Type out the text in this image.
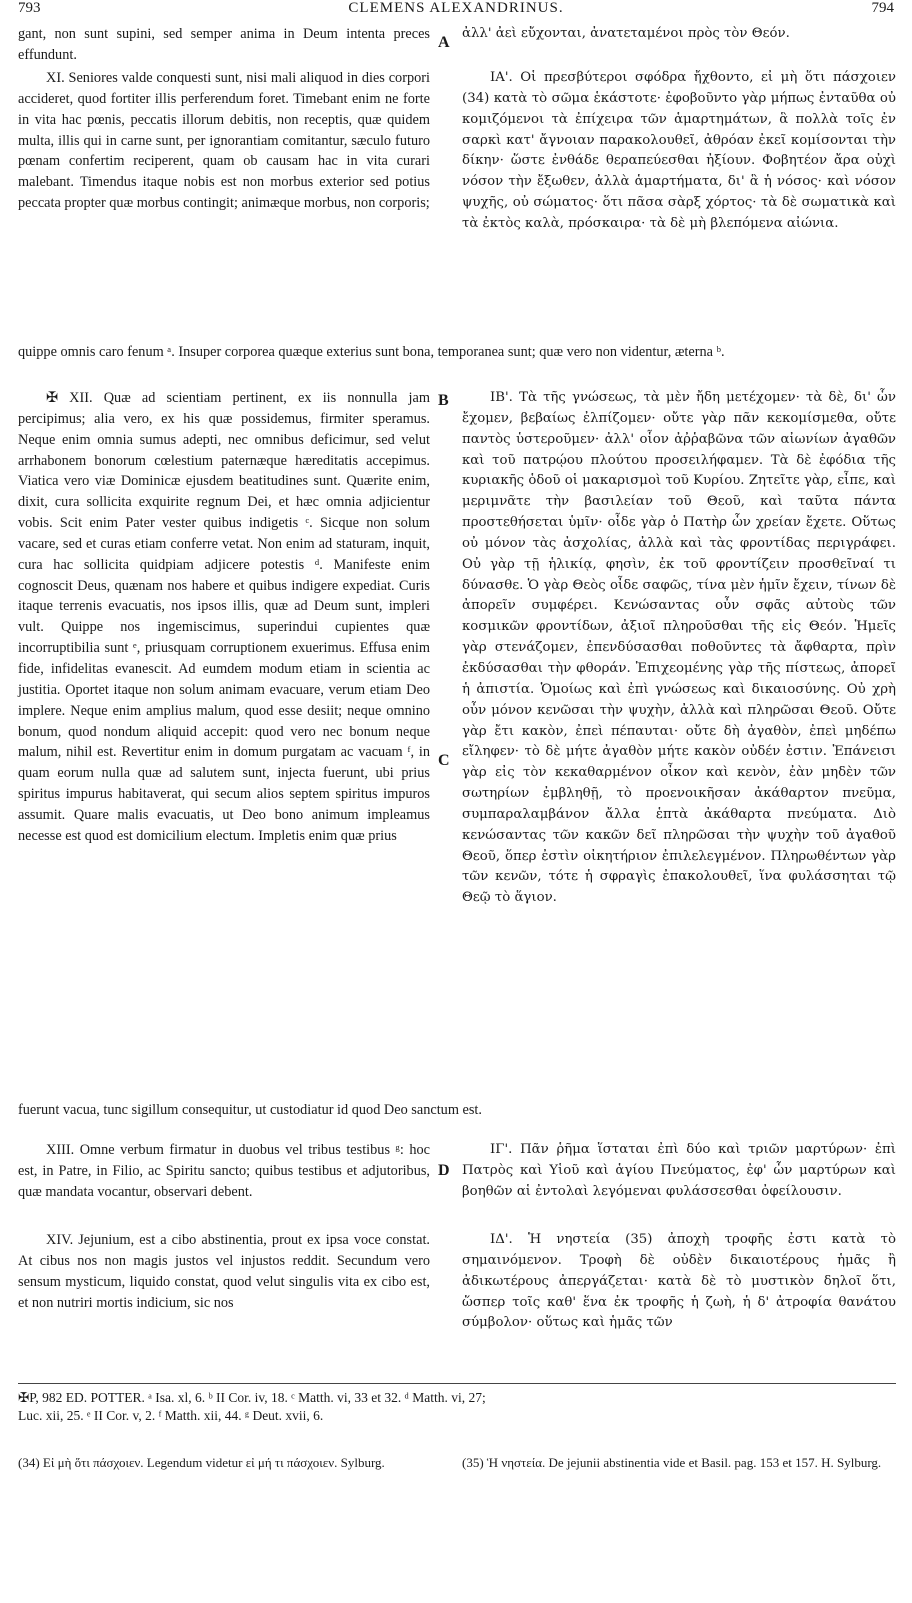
793	CLEMENS ALEXANDRINUS.	794

gant, non sunt supini, sed semper anima in Deum intenta preces effundunt.

ἀλλ' ἀεὶ εὔχονται, ἀνατεταμένοι πρὸς τὸν Θεόν.

A

XI. Seniores valde conquesti sunt, nisi mali aliquod in dies corpori accideret, quod fortiter illis perferendum foret. Timebant enim ne forte in vita hac pœnis, peccatis illorum debitis, non receptis, quæ quidem multa, illis qui in carne sunt, per ignorantiam comitantur, sæculo futuro pœnam confertim reciperent, quam ob causam hac in vita curari malebant. Timendus itaque nobis est non morbus exterior sed potius peccata propter quæ morbus contingit; animæque morbus, non corporis;

ΙΑ'. Οἱ πρεσβύτεροι σφόδρα ἤχθοντο, εἰ μὴ ὅτι πάσχοιεν (34) κατὰ τὸ σῶμα ἑκάστοτε· ἐφοβοῦντο γὰρ μήπως ἐνταῦθα οὐ κομιζόμενοι τὰ ἐπίχειρα τῶν ἁμαρτημάτων, ἃ πολλὰ τοῖς ἐν σαρκὶ κατ' ἄγνοιαν παρακολουθεῖ, ἀθρόαν ἐκεῖ κομίσονται τὴν δίκην· ὥστε ἐνθάδε θεραπεύεσθαι ἠξίουν. Φοβητέον ἄρα οὐχὶ νόσον τὴν ἔξωθεν, ἀλλὰ ἁμαρτήματα, δι' ἃ ἡ νόσος· καὶ νόσον ψυχῆς, οὐ σώματος· ὅτι πᾶσα σὰρξ χόρτος· τὰ δὲ σωματικὰ καὶ τὰ ἐκτὸς καλὰ, πρόσκαιρα· τὰ δὲ μὴ βλεπόμενα αἰώνια.

quippe omnis caro fenum ᵃ. Insuper corporea quæque exterius sunt bona, temporanea sunt; quæ vero non videntur, æterna ᵇ.

B

✠ XII. Quæ ad scientiam pertinent, ex iis nonnulla jam percipimus; alia vero, ex his quæ possidemus, firmiter speramus. Neque enim omnia sumus adepti, nec omnibus deficimur, sed velut arrhabonem bonorum cœlestium paternæque hæreditatis accepimus. Viatica vero viæ Dominicæ ejusdem beatitudines sunt. Quærite enim, dixit, cura sollicita exquirite regnum Dei, et hæc omnia adjicientur vobis. Scit enim Pater vester quibus indigetis ᶜ. Sicque non solum vacare, sed et curas etiam conferre vetat. Non enim ad staturam, inquit, cura hac sollicita quidpiam adjicere potestis ᵈ. Manifeste enim cognoscit Deus, quænam nos habere et quibus indigere expediat. Curis itaque terrenis evacuatis, nos ipsos illis, quæ ad Deum sunt, impleri vult. Quippe nos ingemiscimus, superindui cupientes quæ incorruptibilia sunt ᵉ, priusquam corruptionem exuerimus. Effusa enim fide, infidelitas evanescit. Ad eumdem modum etiam in scientia ac justitia. Oportet itaque non solum animam evacuare, verum etiam Deo implere. Neque enim amplius malum, quod esse desiit; neque omnino bonum, quod nondum aliquid accepit: quod vero nec bonum neque malum, nihil est. Revertitur enim in domum purgatam ac vacuam ᶠ, in quam eorum nulla quæ ad salutem sunt, injecta fuerunt, ubi prius spiritus impurus habitaverat, qui secum alios septem spiritus impuros assumit. Quare malis evacuatis, ut Deo bono animum impleamus necesse est quod est domicilium electum. Impletis enim quæ prius

ΙΒ'. Τὰ τῆς γνώσεως, τὰ μὲν ἤδη μετέχομεν· τὰ δὲ, δι' ὧν ἔχομεν, βεβαίως ἐλπίζομεν· οὔτε γὰρ πᾶν κεκομίσμεθα, οὔτε παντὸς ὑστεροῦμεν· ἀλλ' οἷον ἀῤῥαβῶνα τῶν αἰωνίων ἀγαθῶν καὶ τοῦ πατρῴου πλούτου προσειλήφαμεν. Τὰ δὲ ἐφόδια τῆς κυριακῆς ὁδοῦ οἱ μακαρισμοὶ τοῦ Κυρίου. Ζητεῖτε γὰρ, εἶπε, καὶ μεριμνᾶτε τὴν βασιλείαν τοῦ Θεοῦ, καὶ ταῦτα πάντα προστεθήσεται ὑμῖν· οἶδε γὰρ ὁ Πατὴρ ὧν χρείαν ἔχετε. Οὕτως οὐ μόνον τὰς ἀσχολίας, ἀλλὰ καὶ τὰς φροντίδας περιγράφει. Οὐ γὰρ τῇ ἡλικίᾳ, φησὶν, ἐκ τοῦ φροντίζειν προσθεῖναί τι δύνασθε. Ὁ γὰρ Θεὸς οἶδε σαφῶς, τίνα μὲν ἡμῖν ἔχειν, τίνων δὲ ἀπορεῖν συμφέρει. Κενώσαντας οὖν σφᾶς αὐτοὺς τῶν κοσμικῶν φροντίδων, ἀξιοῖ πληροῦσθαι τῆς εἰς Θεόν. Ἡμεῖς γὰρ στενάζομεν, ἐπενδύσασθαι ποθοῦντες τὰ ἄφθαρτα, πρὶν ἐκδύσασθαι τὴν φθοράν. Ἐπιχεομένης γὰρ τῆς πίστεως, ἀπορεῖ ἡ ἀπιστία. Ὁμοίως καὶ ἐπὶ γνώσεως καὶ δικαιοσύνης. Οὐ χρὴ οὖν μόνον κενῶσαι τὴν ψυχὴν, ἀλλὰ καὶ πληρῶσαι Θεοῦ. Οὔτε γὰρ ἔτι κακὸν, ἐπεὶ πέπαυται· οὔτε δὴ ἀγαθὸν, ἐπεὶ μηδέπω εἴληφεν· τὸ δὲ μήτε ἀγαθὸν μήτε κακὸν οὐδέν ἐστιν. Ἐπάνεισι γὰρ εἰς τὸν κεκαθαρμένον οἶκον καὶ κενὸν, ἐὰν μηδὲν τῶν σωτηρίων ἐμβληθῇ, τὸ προενοικῆσαν ἀκάθαρτον πνεῦμα, συμπαραλαμβάνον ἄλλα ἑπτὰ ἀκάθαρτα πνεύματα. Διὸ κενώσαντας τῶν κακῶν δεῖ πληρῶσαι τὴν ψυχὴν τοῦ ἀγαθοῦ Θεοῦ, ὅπερ ἐστὶν οἰκητήριον ἐπιλελεγμένον. Πληρωθέντων γὰρ τῶν κενῶν, τότε ἡ σφραγὶς ἐπακολουθεῖ, ἵνα φυλάσσηται τῷ Θεῷ τὸ ἅγιον.

C

fuerunt vacua, tunc sigillum consequitur, ut custodiatur id quod Deo sanctum est.

XIII. Omne verbum firmatur in duobus vel tribus testibus ᵍ: hoc est, in Patre, in Filio, ac Spiritu sancto; quibus testibus et adjutoribus, quæ mandata vocantur, observari debent.

D

ΙΓ'. Πᾶν ῥῆμα ἵσταται ἐπὶ δύο καὶ τριῶν μαρτύρων· ἐπὶ Πατρὸς καὶ Υἱοῦ καὶ ἁγίου Πνεύματος, ἐφ' ὧν μαρτύρων καὶ βοηθῶν αἱ ἐντολαὶ λεγόμεναι φυλάσσεσθαι ὀφείλουσιν.

XIV. Jejunium, est a cibo abstinentia, prout ex ipsa voce constat. At cibus nos non magis justos vel injustos reddit. Secundum vero sensum mysticum, liquido constat, quod velut singulis vita ex cibo est, et non nutriri mortis indicium, sic nos

ΙΔ'. Ἡ νηστεία (35) ἀποχὴ τροφῆς ἐστι κατὰ τὸ σημαινόμενον. Τροφὴ δὲ οὐδὲν δικαιοτέρους ἡμᾶς ἢ ἀδικωτέρους ἀπεργάζεται· κατὰ δὲ τὸ μυστικὸν δηλοῖ ὅτι, ὥσπερ τοῖς καθ' ἕνα ἐκ τροφῆς ἡ ζωὴ, ἡ δ' ἀτροφία θανάτου σύμβολον· οὕτως καὶ ἡμᾶς τῶν

✠P, 982 ED. POTTER. ᵃ Isa. xl, 6. ᵇ II Cor. iv, 18. ᶜ Matth. vi, 33 et 32. ᵈ Matth. vi, 27;
Luc. xii, 25. ᵉ II Cor. v, 2. ᶠ Matth. xii, 44. ᵍ Deut. xvii, 6.
(34) Εἰ μὴ ὅτι πάσχοιεν. Legendum videtur εἰ μή τι πάσχοιεν. Sylburg.	(35) Ἡ νηστεία. De jejunii abstinentia vide et Basil. pag. 153 et 157. H. Sylburg.
